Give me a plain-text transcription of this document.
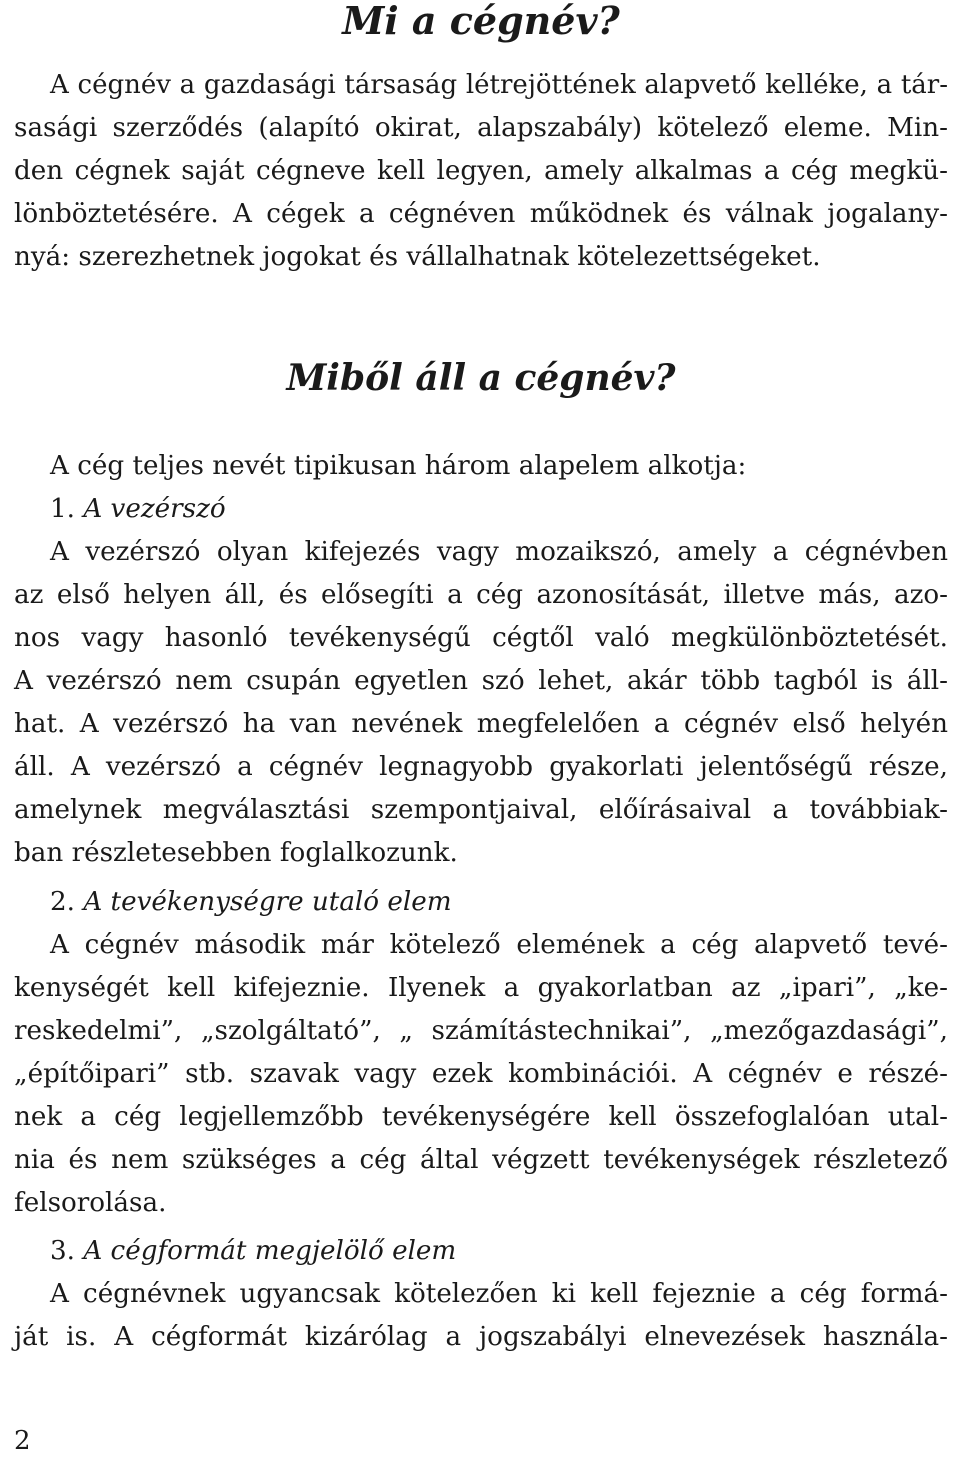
Mi a cégnév?
A cégnév a gazdasági társaság létrejöttének alapvető kelléke, a tár-
sasági szerződés (alapító okirat, alapszabály) kötelező eleme. Min-
den cégnek saját cégneve kell legyen, amely alkalmas a cég megkü-
lönböztetésére. A cégek a cégnéven működnek és válnak jogalany-
nyá: szerezhetnek jogokat és vállalhatnak kötelezettségeket.
Miből áll a cégnév?
A cég teljes nevét tipikusan három alapelem alkotja:
1. A vezérszó
A vezérszó olyan kifejezés vagy mozaikszó, amely a cégnévben
az első helyen áll, és elősegíti a cég azonosítását, illetve más, azo-
nos vagy hasonló tevékenységű cégtől való megkülönböztetését.
A vezérszó nem csupán egyetlen szó lehet, akár több tagból is áll-
hat. A vezérszó ha van nevének megfelelően a cégnév első helyén
áll. A vezérszó a cégnév legnagyobb gyakorlati jelentőségű része,
amelynek megválasztási szempontjaival, előírásaival a továbbiak-
ban részletesebben foglalkozunk.
2. A tevékenységre utaló elem
A cégnév második már kötelező elemének a cég alapvető tevé-
kenységét kell kifejeznie. Ilyenek a gyakorlatban az „ipari”, „ke-
reskedelmi”, „szolgáltató”, „ számítástechnikai”, „mezőgazdasági”,
„építőipari” stb. szavak vagy ezek kombinációi. A cégnév e részé-
nek a cég legjellemzőbb tevékenységére kell összefoglalóan utal-
nia és nem szükséges a cég által végzett tevékenységek részletező
felsorolása.
3. A cégformát megjelölő elem
A cégnévnek ugyancsak kötelezően ki kell fejeznie a cég formá-
ját is. A cégformát kizárólag a jogszabályi elnevezések használa-
2
